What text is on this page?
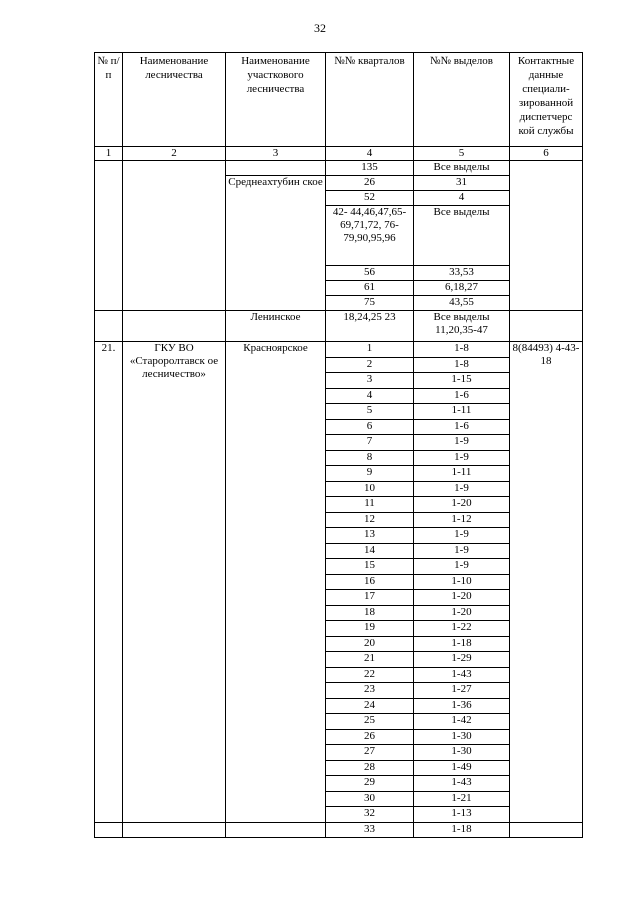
32
№ п/п	Наименование лесничества	Наименование участкового лесничества	№№ кварталов	№№ выделов	Контактные данные специали- зированной диспетчерс кой службы
1	2	3	4	5	6
			135	Все выделы	
		Среднеахтубин ское	26	31	
			52	4	
			42- 44,46,47,65- 69,71,72, 76- 79,90,95,96	Все выделы	
			56	33,53	
			61	6,18,27	
			75	43,55	
		Ленинское	18,24,25 23	Все выделы 11,20,35-47	
21.	ГКУ ВО «Староролтавск ое лесничество»	Красноярское	1	1-8	8(84493) 4-43-18
			2	1-8	
			3	1-15	
			4	1-6	
			5	1-11	
			6	1-6	
			7	1-9	
			8	1-9	
			9	1-11	
			10	1-9	
			11	1-20	
			12	1-12	
			13	1-9	
			14	1-9	
			15	1-9	
			16	1-10	
			17	1-20	
			18	1-20	
			19	1-22	
			20	1-18	
			21	1-29	
			22	1-43	
			23	1-27	
			24	1-36	
			25	1-42	
			26	1-30	
			27	1-30	
			28	1-49	
			29	1-43	
			30	1-21	
			32	1-13	
			33	1-18	
